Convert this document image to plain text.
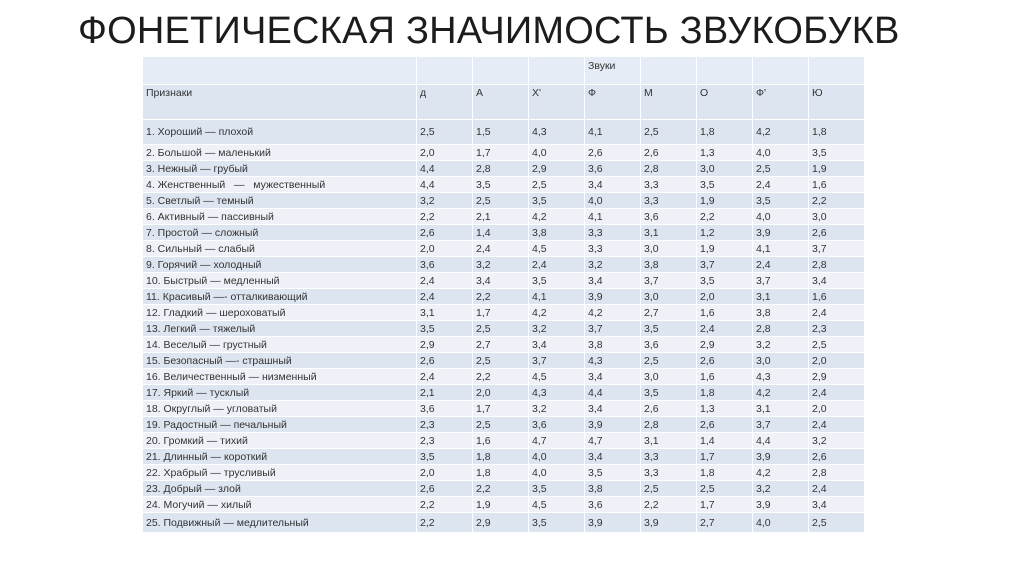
ФОНЕТИЧЕСКАЯ ЗНАЧИМОСТЬ ЗВУКОБУКВ
				Звуки				
Признаки	д	А	Х'	Ф	М	О	Ф'	Ю
1. Хороший — плохой	2,5	1,5	4,3	4,1	2,5	1,8	4,2	1,8
2. Большой — маленький	2,0	1,7	4,0	2,6	2,6	1,3	4,0	3,5
3. Нежный — грубый	4,4	2,8	2,9	3,6	2,8	3,0	2,5	1,9
4. Женственный   —   мужественный	4,4	3,5	2,5	3,4	3,3	3,5	2,4	1,6
5. Светлый — темный	3,2	2,5	3,5	4,0	3,3	1,9	3,5	2,2
6. Активный — пассивный	2,2	2,1	4,2	4,1	3,6	2,2	4,0	3,0
7. Простой — сложный	2,6	1,4	3,8	3,3	3,1	1,2	3,9	2,6
8. Сильный — слабый	2,0	2,4	4,5	3,3	3,0	1,9	4,1	3,7
9. Горячий — холодный	3,6	3,2	2,4	3,2	3,8	3,7	2,4	2,8
10. Быстрый — медленный	2,4	3,4	3,5	3,4	3,7	3,5	3,7	3,4
11. Красивый —- отталкивающий	2,4	2,2	4,1	3,9	3,0	2,0	3,1	1,6
12. Гладкий — шероховатый	3,1	1,7	4,2	4,2	2,7	1,6	3,8	2,4
13. Легкий — тяжелый	3,5	2,5	3,2	3,7	3,5	2,4	2,8	2,3
14. Веселый — грустный	2,9	2,7	3,4	3,8	3,6	2,9	3,2	2,5
15. Безопасный —- страшный	2,6	2,5	3,7	4,3	2,5	2,6	3,0	2,0
16. Величественный — низменный	2,4	2,2	4,5	3,4	3,0	1,6	4,3	2,9
17. Яркий — тусклый	2,1	2,0	4,3	4,4	3,5	1,8	4,2	2,4
18. Округлый — угловатый	3,6	1,7	3,2	3,4	2,6	1,3	3,1	2,0
19. Радостный — печальный	2,3	2,5	3,6	3,9	2,8	2,6	3,7	2,4
20. Громкий — тихий	2,3	1,6	4,7	4,7	3,1	1,4	4,4	3,2
21. Длинный — короткий	3,5	1,8	4,0	3,4	3,3	1,7	3,9	2,6
22. Храбрый — трусливый	2,0	1,8	4,0	3,5	3,3	1,8	4,2	2,8
23. Добрый — злой	2,6	2,2	3,5	3,8	2,5	2,5	3,2	2,4
24. Могучий — хилый	2,2	1,9	4,5	3,6	2,2	1,7	3,9	3,4
25. Подвижный — медлительный	2,2	2,9	3,5	3,9	3,9	2,7	4,0	2,5
